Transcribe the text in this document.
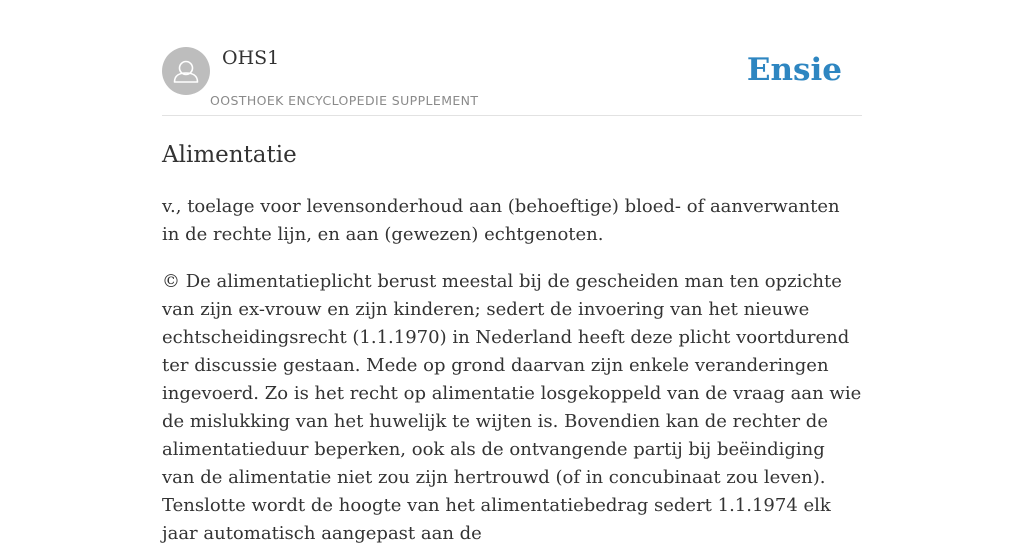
OHS1
OOSTHOEK ENCYCLOPEDIE SUPPLEMENT
Ensie
Alimentatie

v., toelage voor levensonderhoud aan (behoeftige) bloed- of aanverwanten in de rechte lijn, en aan (gewezen) echtgenoten.

© De alimentatieplicht berust meestal bij de gescheiden man ten opzichte van zijn ex-vrouw en zijn kinderen; sedert de invoering van het nieuwe echtscheidingsrecht (1.1.1970) in Nederland heeft deze plicht voortdurend ter discussie gestaan. Mede op grond daarvan zijn enkele veranderingen ingevoerd. Zo is het recht op alimentatie losgekoppeld van de vraag aan wie de mislukking van het huwelijk te wijten is. Bovendien kan de rechter de alimentatieduur beperken, ook als de ontvangende partij bij beëindiging van de alimentatie niet zou zijn hertrouwd (of in concubinaat zou leven). Tenslotte wordt de hoogte van het alimentatiebedrag sedert 1.1.1974 elk jaar automatisch aangepast aan de
